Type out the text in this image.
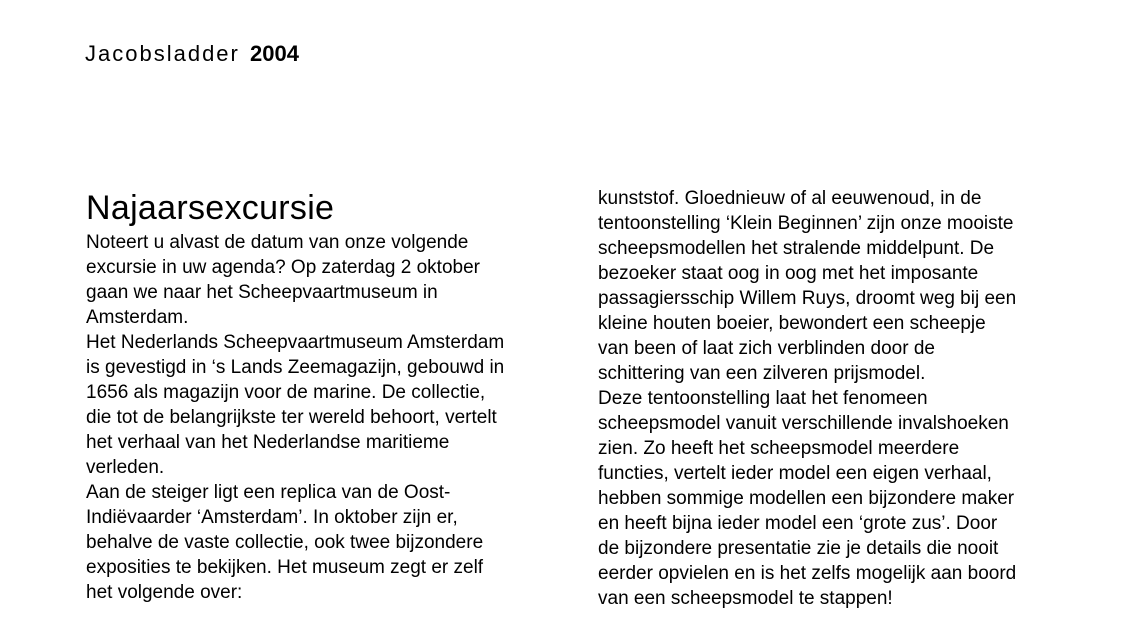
Jacobsladder 2004
Najaarsexcursie
Noteert u alvast de datum van onze volgende
excursie in uw agenda? Op zaterdag 2 oktober
gaan we naar het Scheepvaartmuseum in
Amsterdam.
Het Nederlands Scheepvaartmuseum Amsterdam
is gevestigd in ‘s Lands Zeemagazijn, gebouwd in
1656 als magazijn voor de marine. De collectie,
die tot de belangrijkste ter wereld behoort, vertelt
het verhaal van het Nederlandse maritieme
verleden.
Aan de steiger ligt een replica van de Oost-
Indiëvaarder ‘Amsterdam’. In oktober zijn er,
behalve de vaste collectie, ook twee bijzondere
exposities te bekijken. Het museum zegt er zelf
het volgende over:
kunststof. Gloednieuw of al eeuwenoud, in de
tentoonstelling ‘Klein Beginnen’ zijn onze mooiste
scheepsmodellen het stralende middelpunt. De
bezoeker staat oog in oog met het imposante
passagiersschip Willem Ruys, droomt weg bij een
kleine houten boeier, bewondert een scheepje
van been of laat zich verblinden door de
schittering van een zilveren prijsmodel.
Deze tentoonstelling laat het fenomeen
scheepsmodel vanuit verschillende invalshoeken
zien. Zo heeft het scheepsmodel meerdere
functies, vertelt ieder model een eigen verhaal,
hebben sommige modellen een bijzondere maker
en heeft bijna ieder model een ‘grote zus’. Door
de bijzondere presentatie zie je details die nooit
eerder opvielen en is het zelfs mogelijk aan boord
van een scheepsmodel te stappen!
